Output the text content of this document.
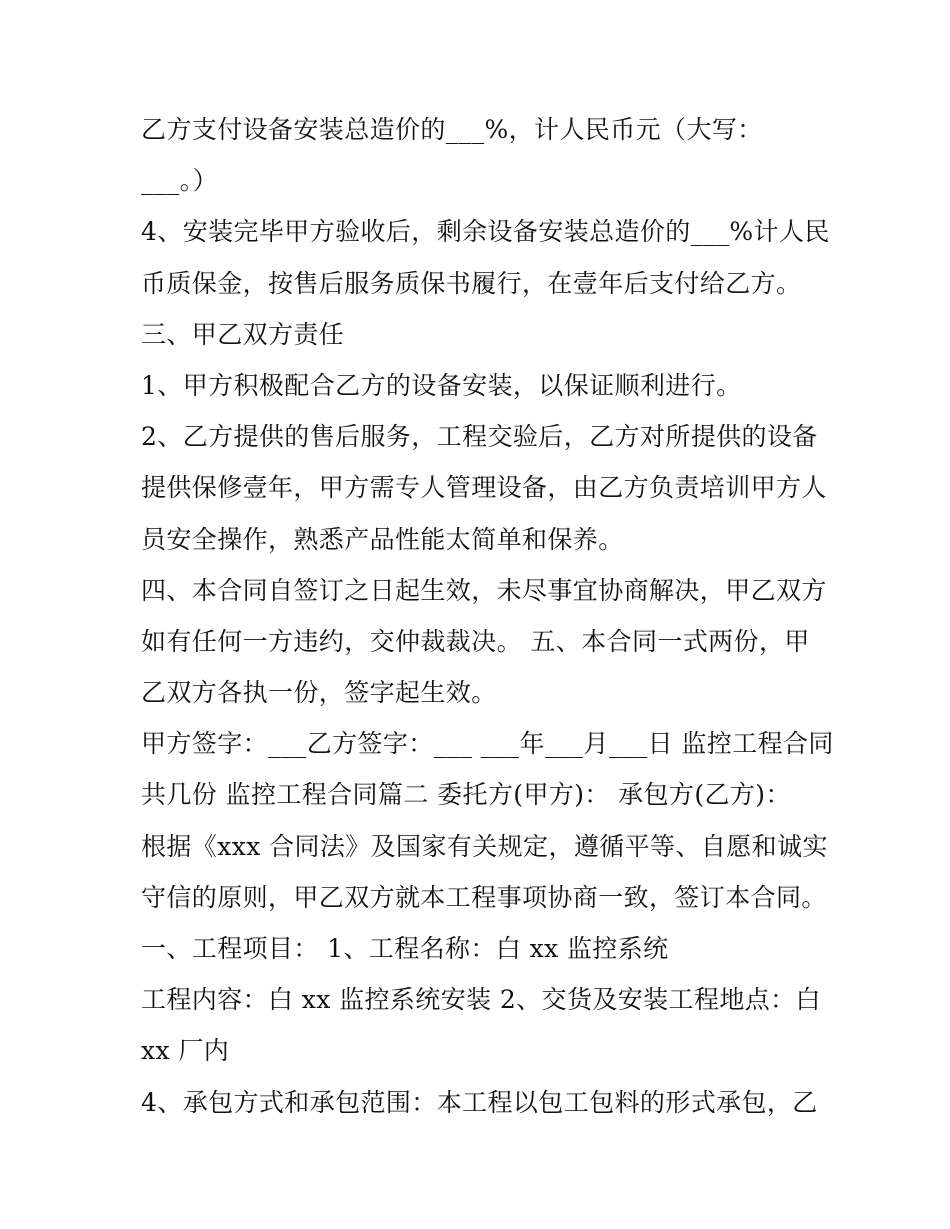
乙方支付设备安装总造价的___%，计人民币元（大写：
___。）
4、安装完毕甲方验收后，剩余设备安装总造价的___%计人民
币质保金，按售后服务质保书履行，在壹年后支付给乙方。
三、甲乙双方责任
1、甲方积极配合乙方的设备安装，以保证顺利进行。
2、乙方提供的售后服务，工程交验后，乙方对所提供的设备
提供保修壹年，甲方需专人管理设备，由乙方负责培训甲方人
员安全操作，熟悉产品性能太简单和保养。
四、本合同自签订之日起生效，未尽事宜协商解决，甲乙双方
如有任何一方违约，交仲裁裁决。 五、本合同一式两份，甲
乙双方各执一份，签字起生效。
甲方签字：___乙方签字：___ ___年___月___日 监控工程合同
共几份 监控工程合同篇二 委托方(甲方)： 承包方(乙方)：
根据《xxx 合同法》及国家有关规定，遵循平等、自愿和诚实
守信的原则，甲乙双方就本工程事项协商一致，签订本合同。
一、工程项目： 1、工程名称：白 xx 监控系统
工程内容：白 xx 监控系统安装 2、交货及安装工程地点：白
xx 厂内
4、承包方式和承包范围：本工程以包工包料的形式承包，乙
